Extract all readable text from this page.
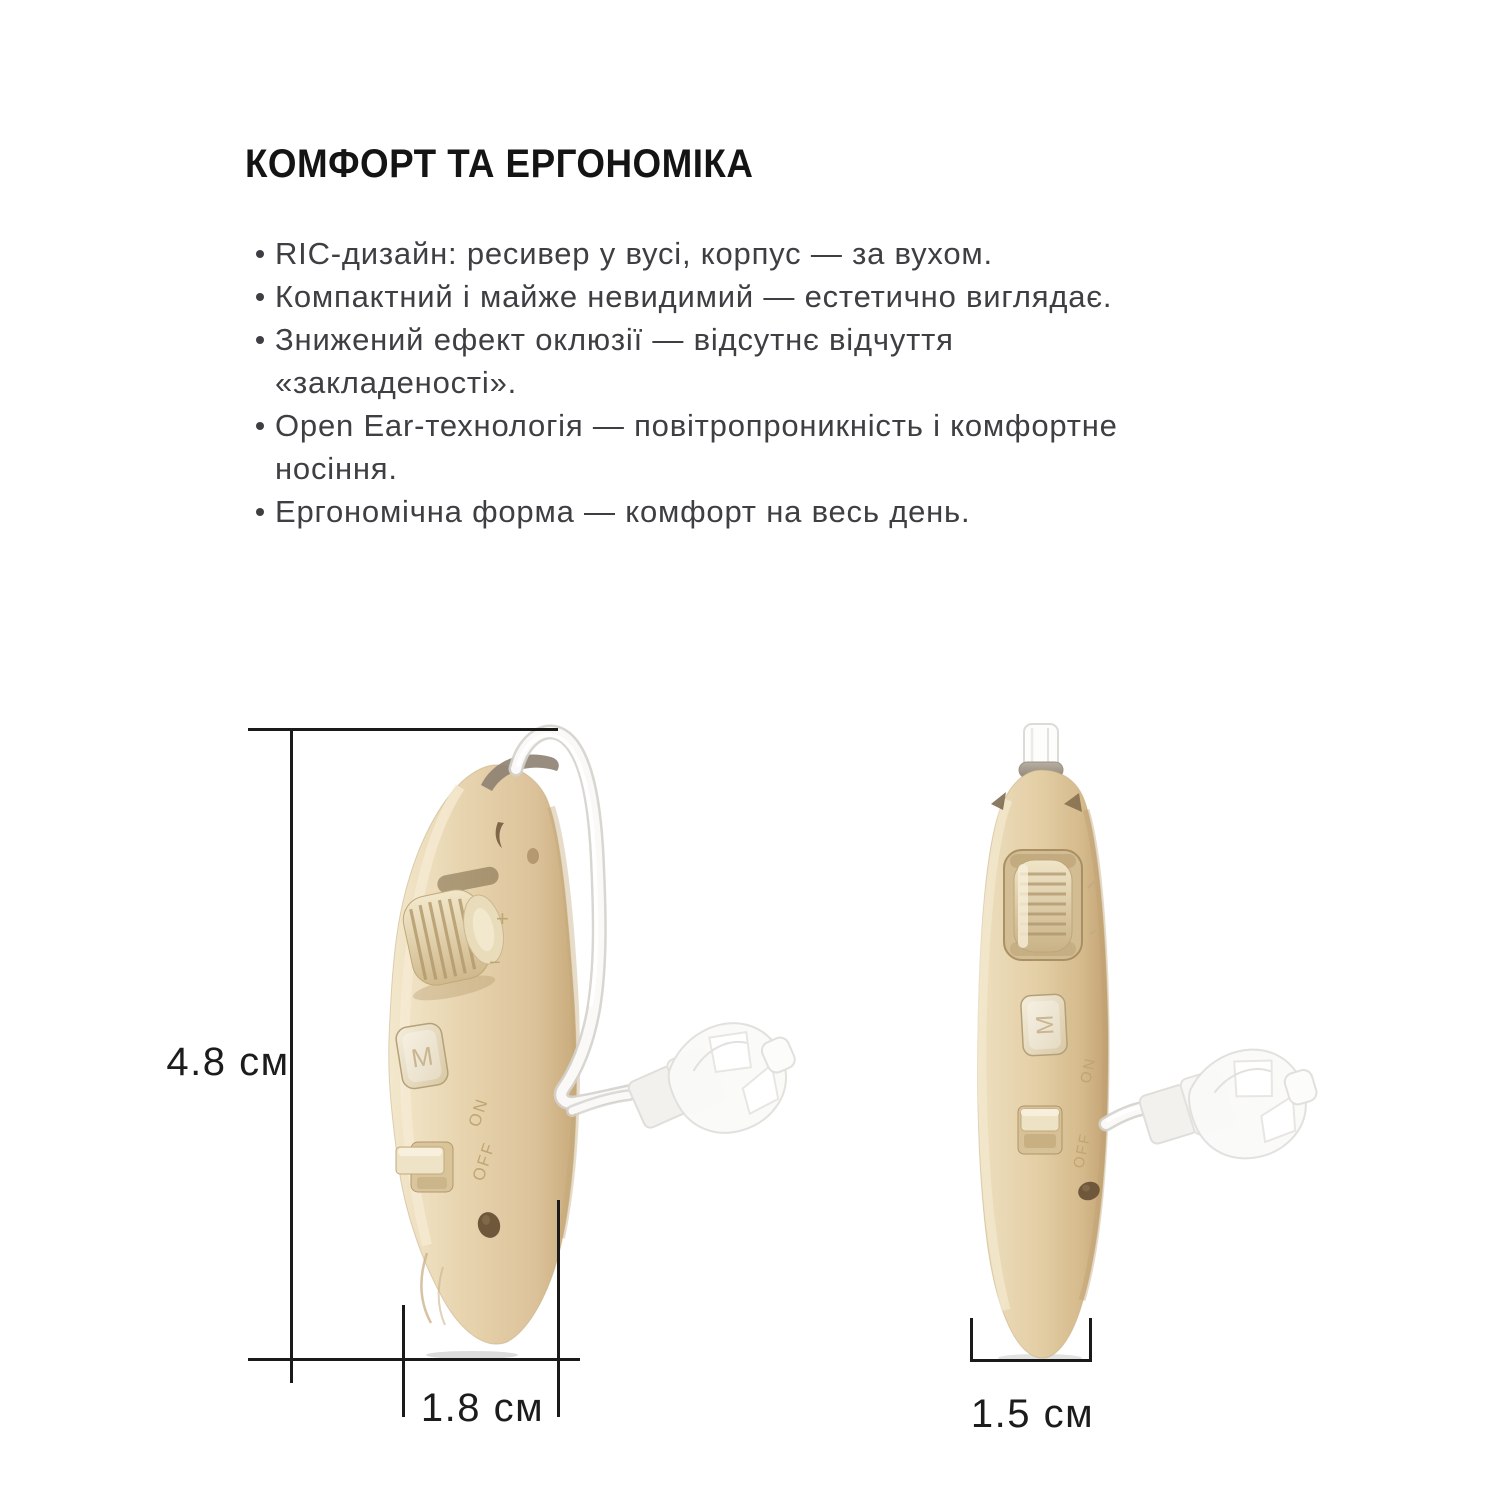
КОМФОРТ ТА ЕРГОНОМІКА
RIC-дизайн: ресивер у вусі, корпус — за вухом.
Компактний і майже невидимий — естетично виглядає.
Знижений ефект оклюзії — відсутнє відчуття
«закладеності».
Open Ear-технологія — повітропроникність і комфортне
носіння.
Ергономічна форма — комфорт на весь день.
+
−
M
ON
OFF
M
ON
OFF
4.8 см
1.8 см	1.5 см
